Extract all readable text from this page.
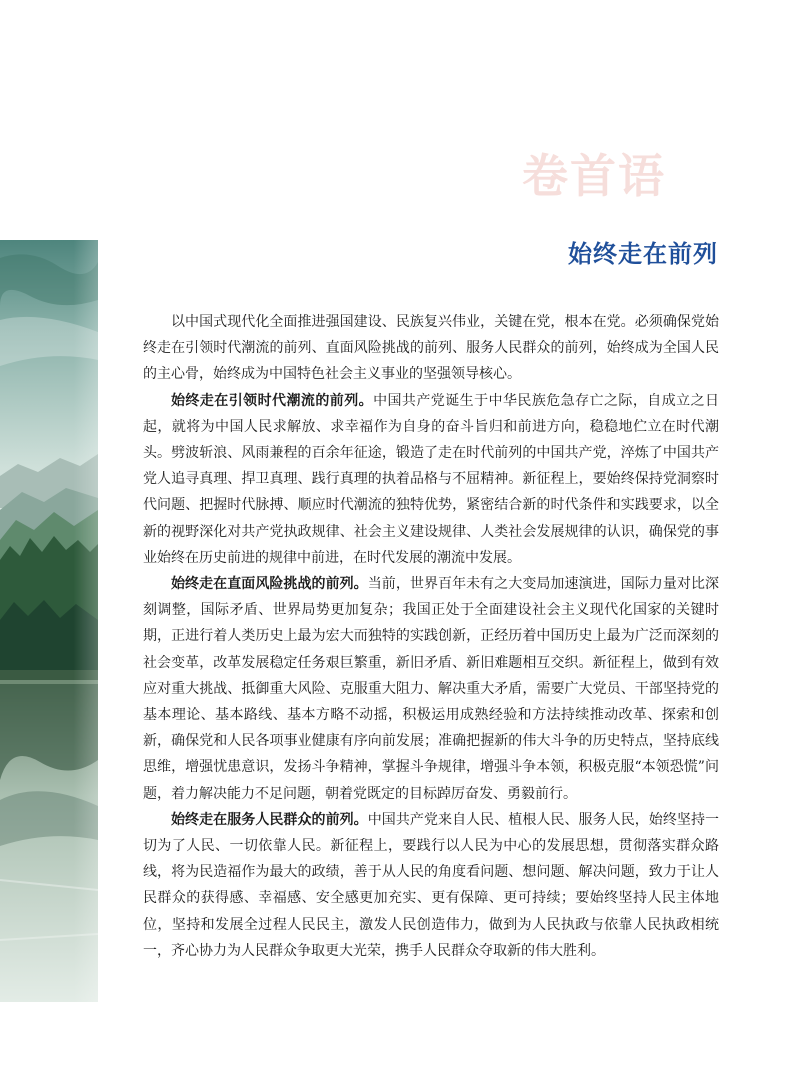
卷首语
始终走在前列

以中国式现代化全面推进强国建设、民族复兴伟业，关键在党，根本在党。必须确保党始终走在引领时代潮流的前列、直面风险挑战的前列、服务人民群众的前列，始终成为全国人民的主心骨，始终成为中国特色社会主义事业的坚强领导核心。

始终走在引领时代潮流的前列。中国共产党诞生于中华民族危急存亡之际，自成立之日起，就将为中国人民求解放、求幸福作为自身的奋斗旨归和前进方向，稳稳地伫立在时代潮头。劈波斩浪、风雨兼程的百余年征途，锻造了走在时代前列的中国共产党，淬炼了中国共产党人追寻真理、捍卫真理、践行真理的执着品格与不屈精神。新征程上，要始终保持党洞察时代问题、把握时代脉搏、顺应时代潮流的独特优势，紧密结合新的时代条件和实践要求，以全新的视野深化对共产党执政规律、社会主义建设规律、人类社会发展规律的认识，确保党的事业始终在历史前进的规律中前进，在时代发展的潮流中发展。

始终走在直面风险挑战的前列。当前，世界百年未有之大变局加速演进，国际力量对比深刻调整，国际矛盾、世界局势更加复杂；我国正处于全面建设社会主义现代化国家的关键时期，正进行着人类历史上最为宏大而独特的实践创新，正经历着中国历史上最为广泛而深刻的社会变革，改革发展稳定任务艰巨繁重，新旧矛盾、新旧难题相互交织。新征程上，做到有效应对重大挑战、抵御重大风险、克服重大阻力、解决重大矛盾，需要广大党员、干部坚持党的基本理论、基本路线、基本方略不动摇，积极运用成熟经验和方法持续推动改革、探索和创新，确保党和人民各项事业健康有序向前发展；准确把握新的伟大斗争的历史特点，坚持底线思维，增强忧患意识，发扬斗争精神，掌握斗争规律，增强斗争本领，积极克服“本领恐慌”问题，着力解决能力不足问题，朝着党既定的目标踔厉奋发、勇毅前行。

始终走在服务人民群众的前列。中国共产党来自人民、植根人民、服务人民，始终坚持一切为了人民、一切依靠人民。新征程上，要践行以人民为中心的发展思想，贯彻落实群众路线，将为民造福作为最大的政绩，善于从人民的角度看问题、想问题、解决问题，致力于让人民群众的获得感、幸福感、安全感更加充实、更有保障、更可持续；要始终坚持人民主体地位，坚持和发展全过程人民民主，激发人民创造伟力，做到为人民执政与依靠人民执政相统一，齐心协力为人民群众争取更大光荣，携手人民群众夺取新的伟大胜利。
